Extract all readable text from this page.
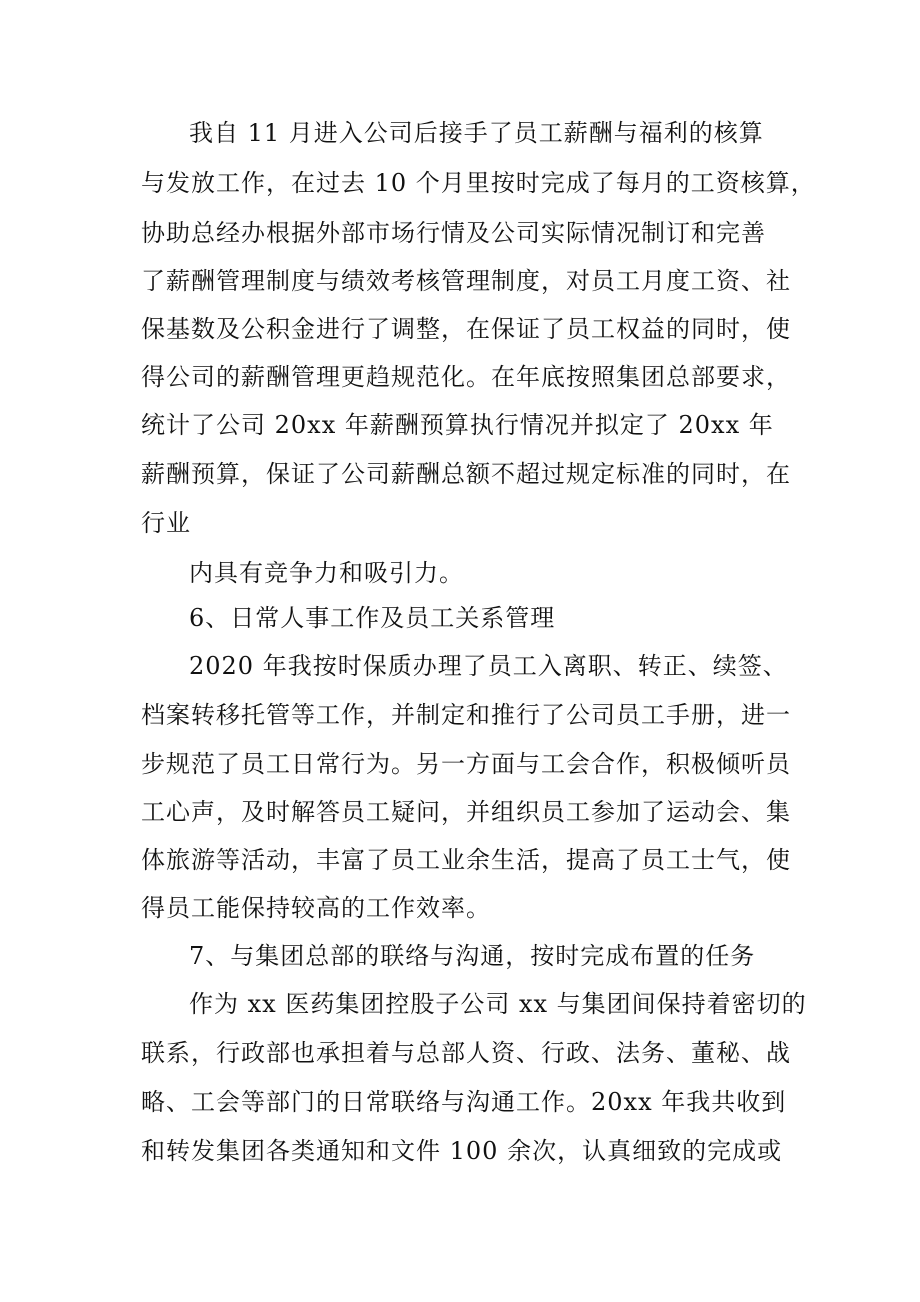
我自 11 月进入公司后接手了员工薪酬与福利的核算
与发放工作，在过去 10 个月里按时完成了每月的工资核算，
协助总经办根据外部市场行情及公司实际情况制订和完善
了薪酬管理制度与绩效考核管理制度，对员工月度工资、社
保基数及公积金进行了调整，在保证了员工权益的同时，使
得公司的薪酬管理更趋规范化。在年底按照集团总部要求，
统计了公司 20xx 年薪酬预算执行情况并拟定了 20xx 年
薪酬预算，保证了公司薪酬总额不超过规定标准的同时，在
行业
内具有竞争力和吸引力。
6、日常人事工作及员工关系管理
2020 年我按时保质办理了员工入离职、转正、续签、
档案转移托管等工作，并制定和推行了公司员工手册，进一
步规范了员工日常行为。另一方面与工会合作，积极倾听员
工心声，及时解答员工疑问，并组织员工参加了运动会、集
体旅游等活动，丰富了员工业余生活，提高了员工士气，使
得员工能保持较高的工作效率。
7、与集团总部的联络与沟通，按时完成布置的任务
作为 xx 医药集团控股子公司 xx 与集团间保持着密切的
联系，行政部也承担着与总部人资、行政、法务、董秘、战
略、工会等部门的日常联络与沟通工作。20xx 年我共收到
和转发集团各类通知和文件 100 余次，认真细致的完成或
